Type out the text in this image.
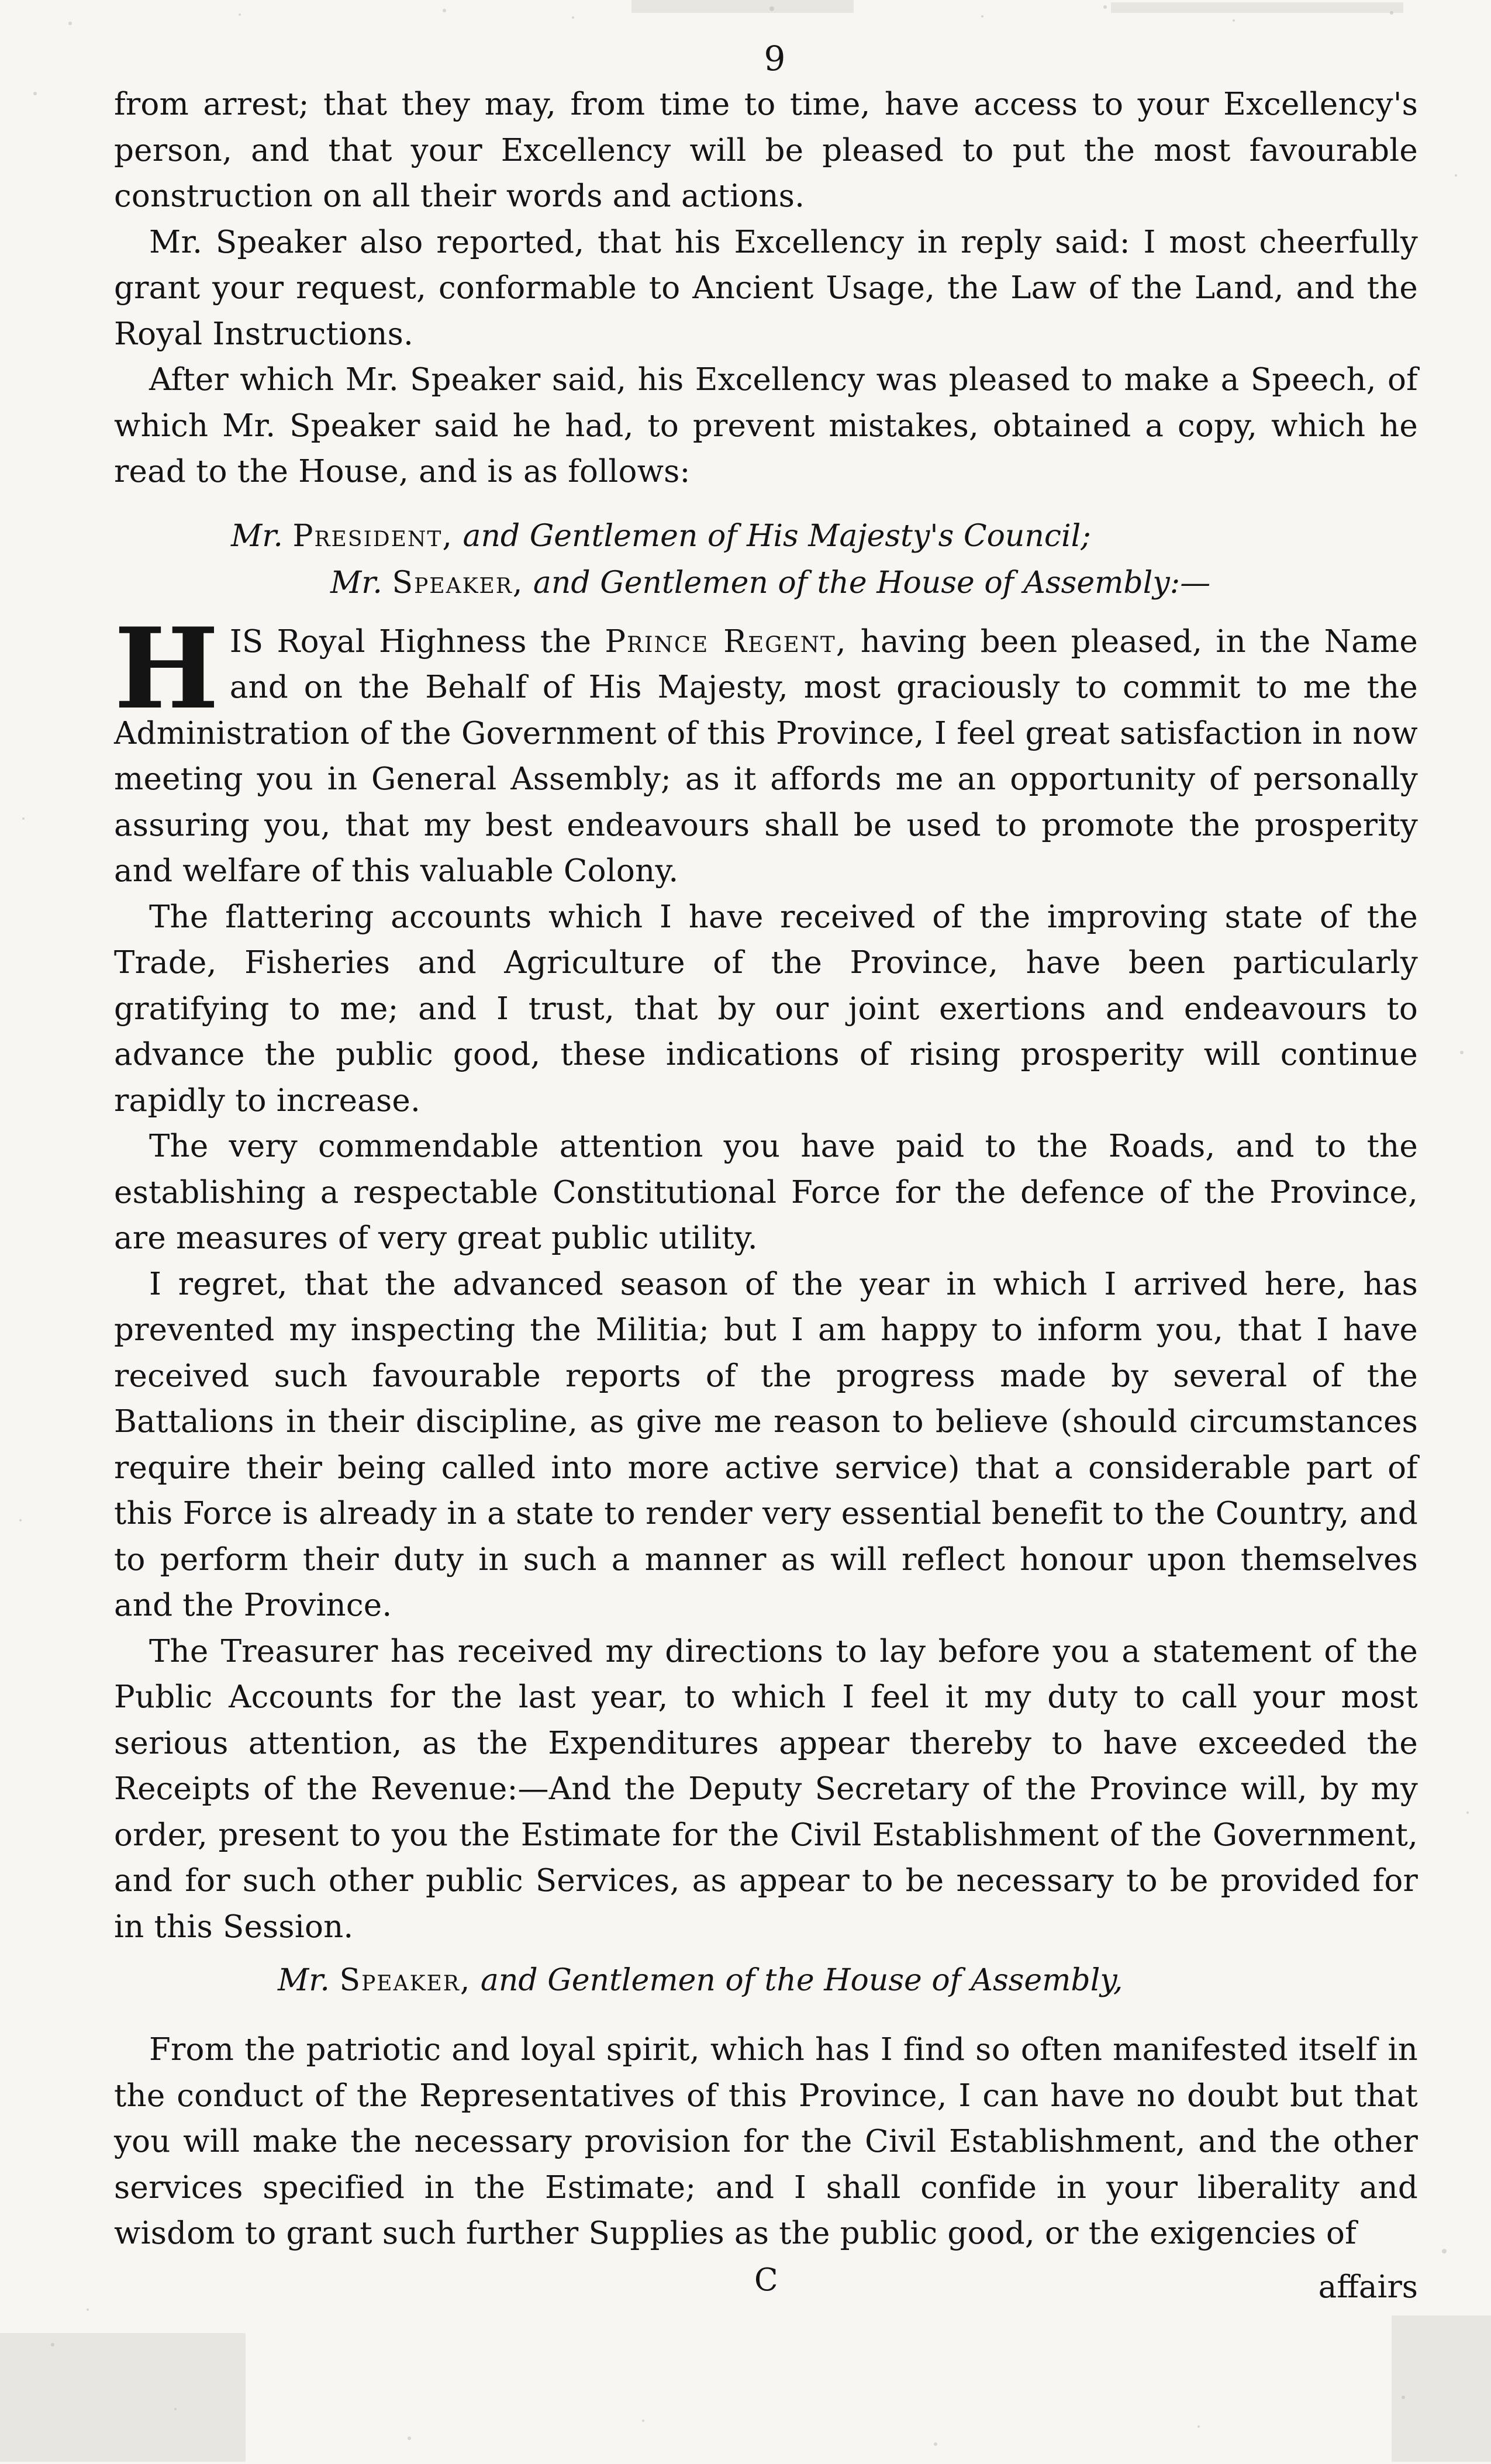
9

from arrest; that they may, from time to time, have access to your Excellency's person, and that your Excellency will be pleased to put the most favourable construction on all their words and actions.

Mr. Speaker also reported, that his Excellency in reply said: I most cheerfully grant your request, conformable to Ancient Usage, the Law of the Land, and the Royal Instructions.

After which Mr. Speaker said, his Excellency was pleased to make a Speech, of which Mr. Speaker said he had, to prevent mistakes, obtained a copy, which he read to the House, and is as follows:

Mr. President, and Gentlemen of His Majesty's Council;
Mr. Speaker, and Gentlemen of the House of Assembly:—

HIS Royal Highness the Prince Regent, having been pleased, in the Name and on the Behalf of His Majesty, most graciously to commit to me the Administration of the Government of this Province, I feel great satisfaction in now meeting you in General Assembly; as it affords me an opportunity of personally assuring you, that my best endeavours shall be used to promote the prosperity and welfare of this valuable Colony.

The flattering accounts which I have received of the improving state of the Trade, Fisheries and Agriculture of the Province, have been particularly gratifying to me; and I trust, that by our joint exertions and endeavours to advance the public good, these indications of rising prosperity will continue rapidly to increase.

The very commendable attention you have paid to the Roads, and to the establishing a respectable Constitutional Force for the defence of the Province, are measures of very great public utility.

I regret, that the advanced season of the year in which I arrived here, has prevented my inspecting the Militia; but I am happy to inform you, that I have received such favourable reports of the progress made by several of the Battalions in their discipline, as give me reason to believe (should circumstances require their being called into more active service) that a considerable part of this Force is already in a state to render very essential benefit to the Country, and to perform their duty in such a manner as will reflect honour upon themselves and the Province.

The Treasurer has received my directions to lay before you a statement of the Public Accounts for the last year, to which I feel it my duty to call your most serious attention, as the Expenditures appear thereby to have exceeded the Receipts of the Revenue:—And the Deputy Secretary of the Province will, by my order, present to you the Estimate for the Civil Establishment of the Government, and for such other public Services, as appear to be necessary to be provided for in this Session.

Mr. Speaker, and Gentlemen of the House of Assembly,

From the patriotic and loyal spirit, which has I find so often manifested itself in the conduct of the Representatives of this Province, I can have no doubt but that you will make the necessary provision for the Civil Establishment, and the other services specified in the Estimate; and I shall confide in your liberality and wisdom to grant such further Supplies as the public good, or the exigencies of

C	affairs
